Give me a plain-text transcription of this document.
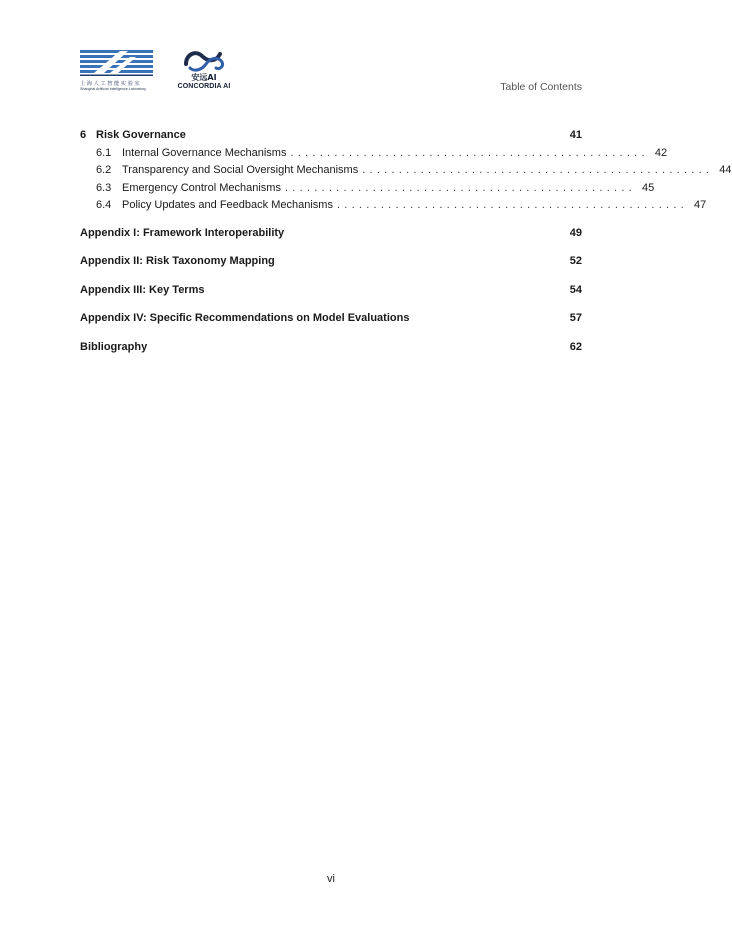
上海人工智能实验室
Shanghai Artificial Intelligence Laboratory
安远AI
CONCORDIA AI	Table of Contents
6 Risk Governance	41
6.1 Internal Governance Mechanisms . . . . . . . . . . . . . . . . . . . . . . . . . . . . . . . . . . . . . . . . . . . . . . . . . 42
6.2 Transparency and Social Oversight Mechanisms . . . . . . . . . . . . . . . . . . . . . . . . . . . . . . . . . . . . . . . . . . . . . . . . 44
6.3 Emergency Control Mechanisms . . . . . . . . . . . . . . . . . . . . . . . . . . . . . . . . . . . . . . . . . . . . . . . . 45
6.4 Policy Updates and Feedback Mechanisms . . . . . . . . . . . . . . . . . . . . . . . . . . . . . . . . . . . . . . . . . . . . . . . . 47
Appendix I: Framework Interoperability	49
Appendix II: Risk Taxonomy Mapping	52
Appendix III: Key Terms	54
Appendix IV: Specific Recommendations on Model Evaluations	57
Bibliography	62
vi
